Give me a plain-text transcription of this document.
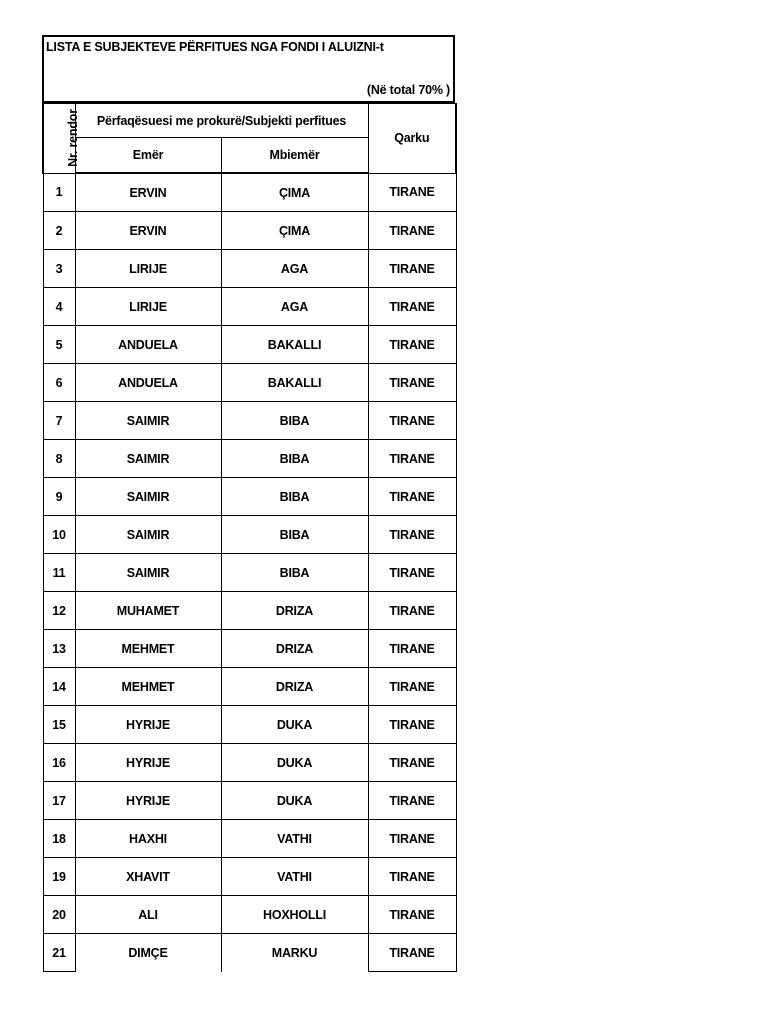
LISTA E SUBJEKTEVE PËRFITUES NGA FONDI I ALUIZNI-t
(Në total 70% )
Nr. rendor	Përfaqësuesi me prokurë/Subjekti perfitues		Qarku
	Emër	Mbiemër	
1	ERVIN	ÇIMA	TIRANE
2	ERVIN	ÇIMA	TIRANE
3	LIRIJE	AGA	TIRANE
4	LIRIJE	AGA	TIRANE
5	ANDUELA	BAKALLI	TIRANE
6	ANDUELA	BAKALLI	TIRANE
7	SAIMIR	BIBA	TIRANE
8	SAIMIR	BIBA	TIRANE
9	SAIMIR	BIBA	TIRANE
10	SAIMIR	BIBA	TIRANE
11	SAIMIR	BIBA	TIRANE
12	MUHAMET	DRIZA	TIRANE
13	MEHMET	DRIZA	TIRANE
14	MEHMET	DRIZA	TIRANE
15	HYRIJE	DUKA	TIRANE
16	HYRIJE	DUKA	TIRANE
17	HYRIJE	DUKA	TIRANE
18	HAXHI	VATHI	TIRANE
19	XHAVIT	VATHI	TIRANE
20	ALI	HOXHOLLI	TIRANE
21	DIMÇE	MARKU	TIRANE
